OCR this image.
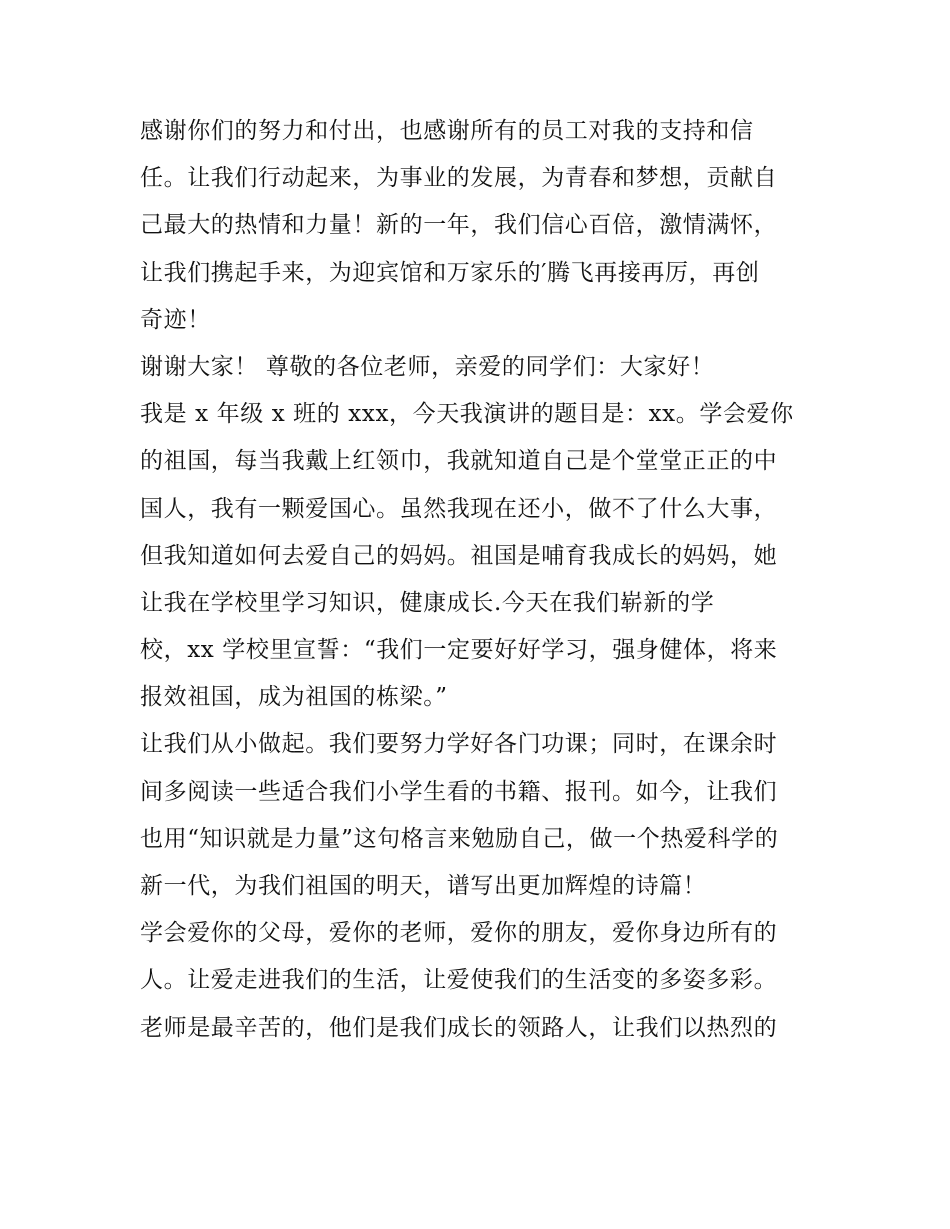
感谢你们的努力和付出，也感谢所有的员工对我的支持和信
任。让我们行动起来，为事业的发展，为青春和梦想，贡献自
己最大的热情和力量！新的一年，我们信心百倍，激情满怀，
让我们携起手来，为迎宾馆和万家乐的′腾飞再接再厉，再创
奇迹！
谢谢大家！ 尊敬的各位老师，亲爱的同学们：大家好！
我是 x 年级 x 班的 xxx，今天我演讲的题目是：xx。学会爱你
的祖国，每当我戴上红领巾，我就知道自己是个堂堂正正的中
国人，我有一颗爱国心。虽然我现在还小，做不了什么大事，
但我知道如何去爱自己的妈妈。祖国是哺育我成长的妈妈，她
让我在学校里学习知识，健康成长.今天在我们崭新的学
校，xx 学校里宣誓：“我们一定要好好学习，强身健体，将来
报效祖国，成为祖国的栋梁。”
让我们从小做起。我们要努力学好各门功课；同时，在课余时
间多阅读一些适合我们小学生看的书籍、报刊。如今，让我们
也用“知识就是力量”这句格言来勉励自己，做一个热爱科学的
新一代，为我们祖国的明天，谱写出更加辉煌的诗篇！
学会爱你的父母，爱你的老师，爱你的朋友，爱你身边所有的
人。让爱走进我们的生活，让爱使我们的生活变的多姿多彩。
老师是最辛苦的，他们是我们成长的领路人，让我们以热烈的
